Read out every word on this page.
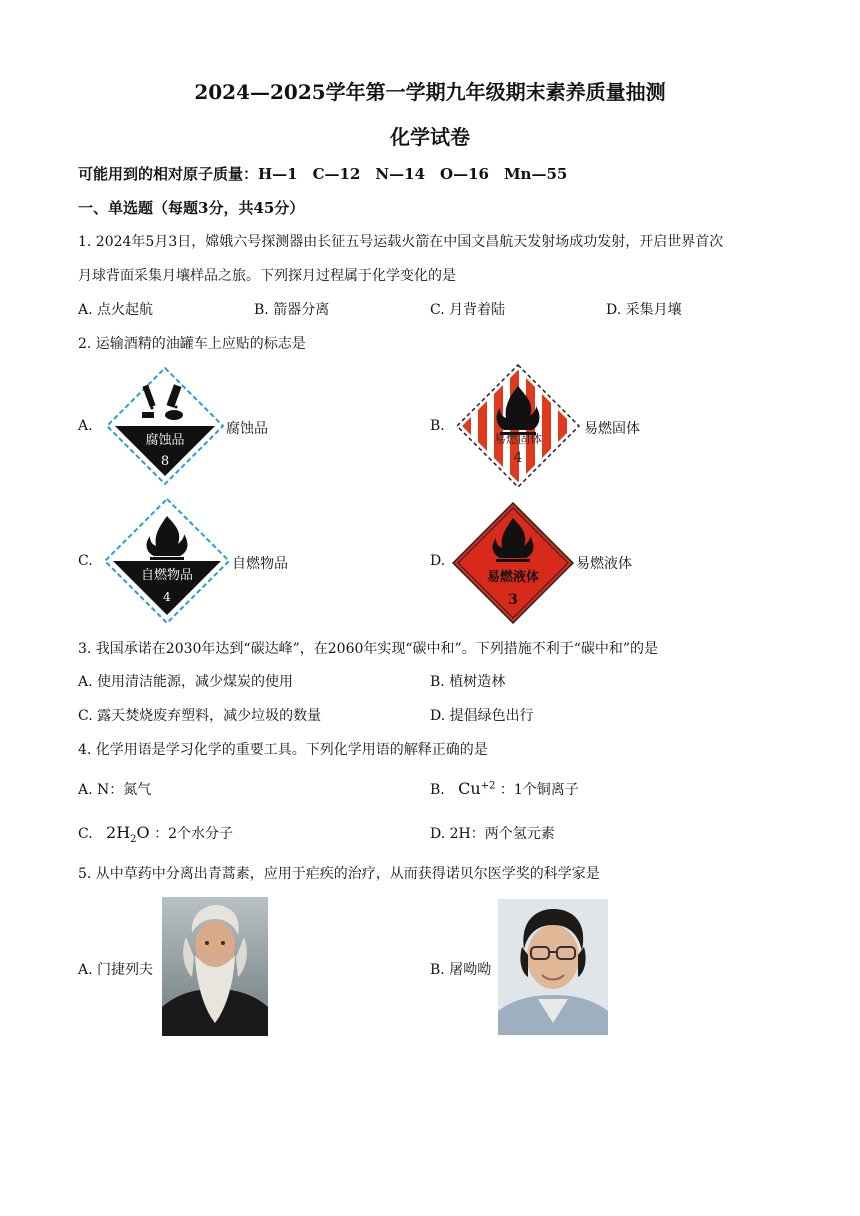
2024—2025学年第一学期九年级期末素养质量抽测
化学试卷
可能用到的相对原子质量：H—1　C—12　N—14　O—16　Mn—55
一、单选题（每题3分，共45分）
1. 2024年5月3日，嫦娥六号探测器由长征五号运载火箭在中国文昌航天发射场成功发射，开启世界首次
月球背面采集月壤样品之旅。下列探月过程属于化学变化的是
A. 点火起航	B. 箭器分离	C. 月背着陆	D. 采集月壤
2. 运输酒精的油罐车上应贴的标志是
A.
腐蚀品
8
腐蚀品	B.
易燃固体
4
易燃固体
C.
自燃物品
4
自燃物品	D.
易燃液体
3
易燃液体
3. 我国承诺在2030年达到“碳达峰”，在2060年实现“碳中和”。下列措施不利于“碳中和”的是
A. 使用清洁能源，减少煤炭的使用	B. 植树造林
C. 露天焚烧废弃塑料，减少垃圾的数量	D. 提倡绿色出行
4. 化学用语是学习化学的重要工具。下列化学用语的解释正确的是
A. N：氮气	B. $Cu^{+2}$ ：1个铜离子
C. $2H_2O$ ：2个水分子	D. 2H：两个氢元素
5. 从中草药中分离出青蒿素，应用于疟疾的治疗，从而获得诺贝尔医学奖的科学家是
A. 门捷列夫	B. 屠呦呦
